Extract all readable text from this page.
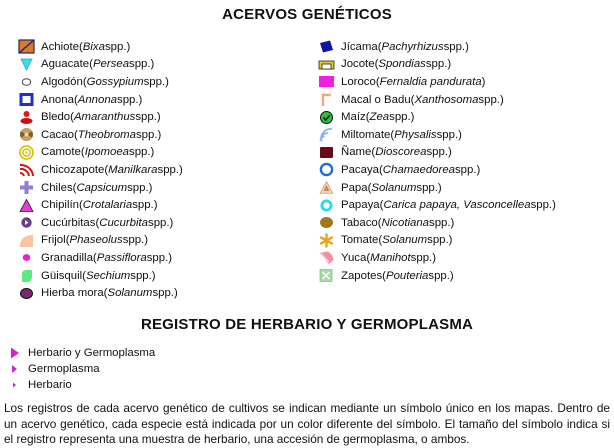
ACERVOS GENÉTICOS
Achiote ( Bixa spp.)
Aguacate ( Persea spp.)
Algodón ( Gossypium spp.)
Anona ( Annona spp.)
Bledo ( Amaranthus spp.)
Cacao ( Theobroma spp.)
Camote ( Ipomoea spp.)
Chicozapote ( Manilkara spp.)
Chiles ( Capsicum spp.)
Chipilín ( Crotalaria spp.)
Cucúrbitas ( Cucurbita spp.)
Frijol ( Phaseolus spp.)
Granadilla ( Passiflora spp.)
Güisquil ( Sechium spp.)
Hierba mora ( Solanum spp.)
Jícama ( Pachyrhizus spp.)
Jocote ( Spondias spp.)
Loroco ( Fernaldia pandurata )
Macal o Badu ( Xanthosoma spp.)
Maíz ( Zea spp.)
Miltomate ( Physalis spp.)
Ñame ( Dioscorea spp.)
Pacaya ( Chamaedorea spp.)
Papa ( Solanum spp.)
Papaya ( Carica papaya, Vasconcellea spp.)
Tabaco ( Nicotiana spp.)
Tomate ( Solanum spp.)
Yuca ( Manihot spp.)
Zapotes ( Pouteria spp.)
REGISTRO DE HERBARIO Y GERMOPLASMA
Herbario y Germoplasma
Germoplasma
Herbario
Los registros de cada acervo genético de cultivos se indican mediante un símbolo único en los mapas. Dentro de un acervo genético, cada especie está indicada por un color diferente del símbolo. El tamaño del símbolo indica si el registro representa una muestra de herbario, una accesión de germoplasma, o ambos.
